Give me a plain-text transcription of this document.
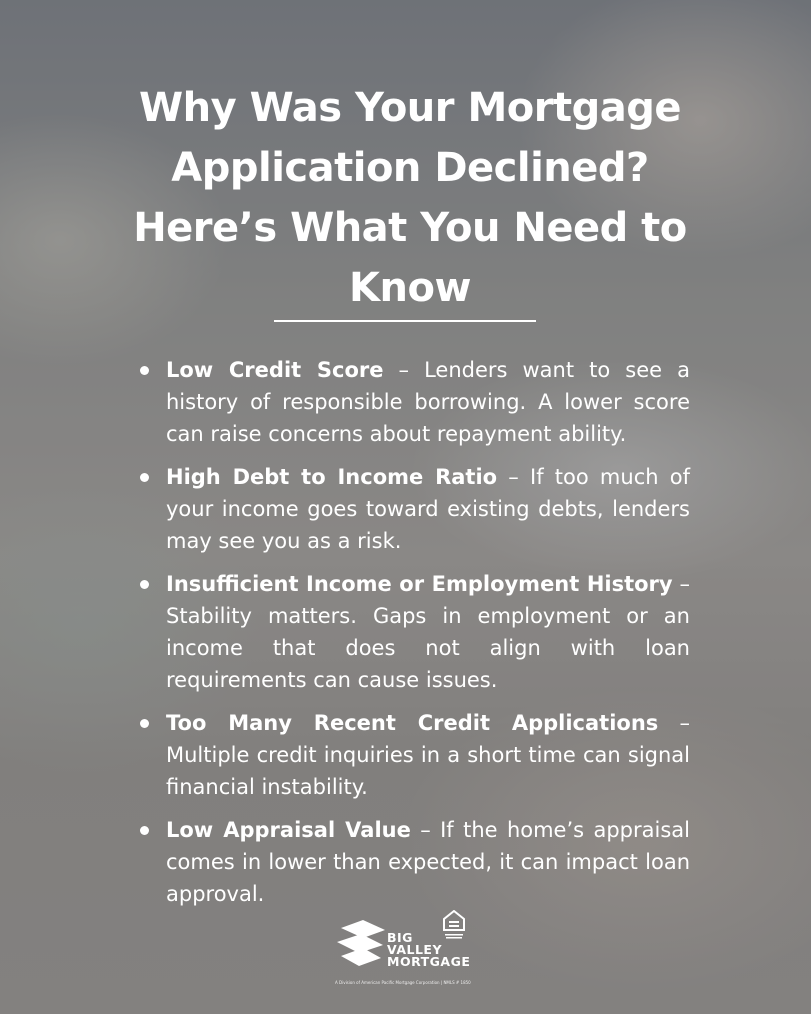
Why Was Your Mortgage Application Declined? Here’s What You Need to Know
Low Credit Score – Lenders want to see a history of responsible borrowing. A lower score can raise concerns about repayment ability.
High Debt to Income Ratio – If too much of your income goes toward existing debts, lenders may see you as a risk.
Insufficient Income or Employment History – Stability matters. Gaps in employment or an income that does not align with loan requirements can cause issues.
Too Many Recent Credit Applications – Multiple credit inquiries in a short time can signal financial instability.
Low Appraisal Value – If the home’s appraisal comes in lower than expected, it can impact loan approval.
BIG
VALLEY
MORTGAGE
A Division of American Pacific Mortgage Corporation | NMLS # 1850
